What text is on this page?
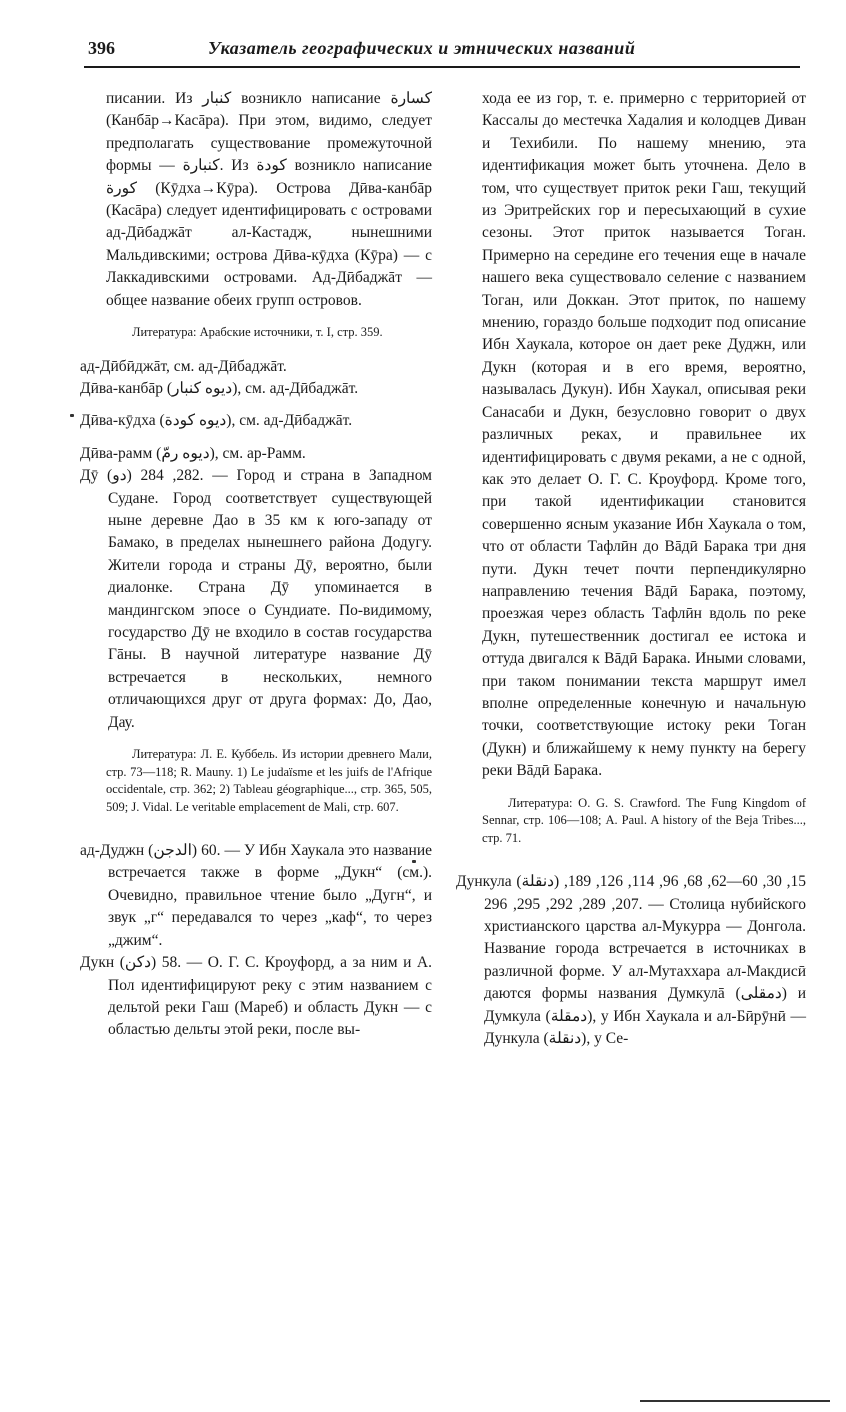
396	Указатель географических и этнических названий

писании. Из كنبار возникло написание كسارة (Канбāр→Касāра). При этом, видимо, следует предполагать существование промежуточной формы — كنبارة. Из كودة возникло написание كورة (Кӯдха→Кӯра). Острова Дӣва-канбāр (Касāра) следует идентифицировать с островами ад-Дӣбаджāт ал-Кастадж, нынешними Мальдивскими; острова Дӣва-кӯдха (Кӯра) — с Лаккадивскими островами. Ад-Дӣбаджāт — общее название обеих групп островов.

Литература: Арабские источники, т. I, стр. 359.

ад-Дӣбӣджāт, см. ад-Дӣбаджāт.

Дӣва-канбāр (ديوه كنبار), см. ад-Дӣбаджāт.

Дӣва-кӯдха (ديوه كودة), см. ад-Дӣбаджāт.

Дӣва-рамм (ديوه رمّ), см. ар-Рамм.

Дӯ (دو) 282, 284. — Город и страна в Западном Судане. Город соответствует существующей ныне деревне Дао в 35 км к юго-западу от Бамако, в пределах нынешнего района Додугу. Жители города и страны Дӯ, вероятно, были диалонке. Страна Дӯ упоминается в мандингском эпосе о Сундиате. По-видимому, государство Дӯ не входило в состав государства Гāны. В научной литературе название Дӯ встречается в нескольких, немного отличающихся друг от друга формах: До, Дао, Дау.

Литература: Л. Е. Куббель. Из истории древнего Мали, стр. 73—118; R. Mauny. 1) Le judaïsme et les juifs de l'Afrique occidentale, стр. 362; 2) Tableau géographique..., стр. 365, 505, 509; J. Vidal. Le veritable emplacement de Mali, стр. 607.

ад-Дуджн (الدجن) 60. — У Ибн Хаукала это название встречается также в форме „Дукн“ (см.). Очевидно, правильное чтение было „Дугн“, и звук „г“ передавался то через „каф“, то через „джим“.

Дукн (دكن) 58. — О. Г. С. Кроуфорд, а за ним и А. Пол идентифицируют реку с этим названием с дельтой реки Гаш (Мареб) и область Дукн — с областью дельты этой реки, после вы-

хода ее из гор, т. е. примерно с территорией от Кассалы до местечка Хадалия и колодцев Диван и Техибили. По нашему мнению, эта идентификация может быть уточнена. Дело в том, что существует приток реки Гаш, текущий из Эритрейских гор и пересыхающий в сухие сезоны. Этот приток называется Тоган. Примерно на середине его течения еще в начале нашего века существовало селение с названием Тоган, или Доккан. Этот приток, по нашему мнению, гораздо больше подходит под описание Ибн Хаукала, которое он дает реке Дуджн, или Дукн (которая и в его время, вероятно, называлась Дукун). Ибн Хаукал, описывая реки Санасаби и Дукн, безусловно говорит о двух различных реках, и правильнее их идентифицировать с двумя реками, а не с одной, как это делает О. Г. С. Кроуфорд. Кроме того, при такой идентификации становится совершенно ясным указание Ибн Хаукала о том, что от области Тафлӣн до Вāдӣ Барака три дня пути. Дукн течет почти перпендикулярно направлению течения Вāдӣ Барака, поэтому, проезжая через область Тафлӣн вдоль по реке Дукн, путешественник достигал ее истока и оттуда двигался к Вāдӣ Барака. Иными словами, при таком понимании текста маршрут имел вполне определенные конечную и начальную точки, соответствующие истоку реки Тоган (Дукн) и ближайшему к нему пункту на берегу реки Вāдӣ Барака.

Литература: O. G. S. Crawford. The Fung Kingdom of Sennar, стр. 106—108; A. Paul. A history of the Beja Tribes..., стр. 71.

Дункула (دنقلة) 15, 30, 60—62, 68, 96, 114, 126, 189, 207, 289, 292, 295, 296. — Столица нубийского христианского царства ал-Мукурра — Донгола. Название города встречается в источниках в различной форме. У ал-Мутаххара ал-Макдисӣ даются формы названия Думкулā (دمقلى) и Думкула (دمقلة), у Ибн Хаукала и ал-Бӣрӯнӣ — Дункула (دنقلة), у Се-
